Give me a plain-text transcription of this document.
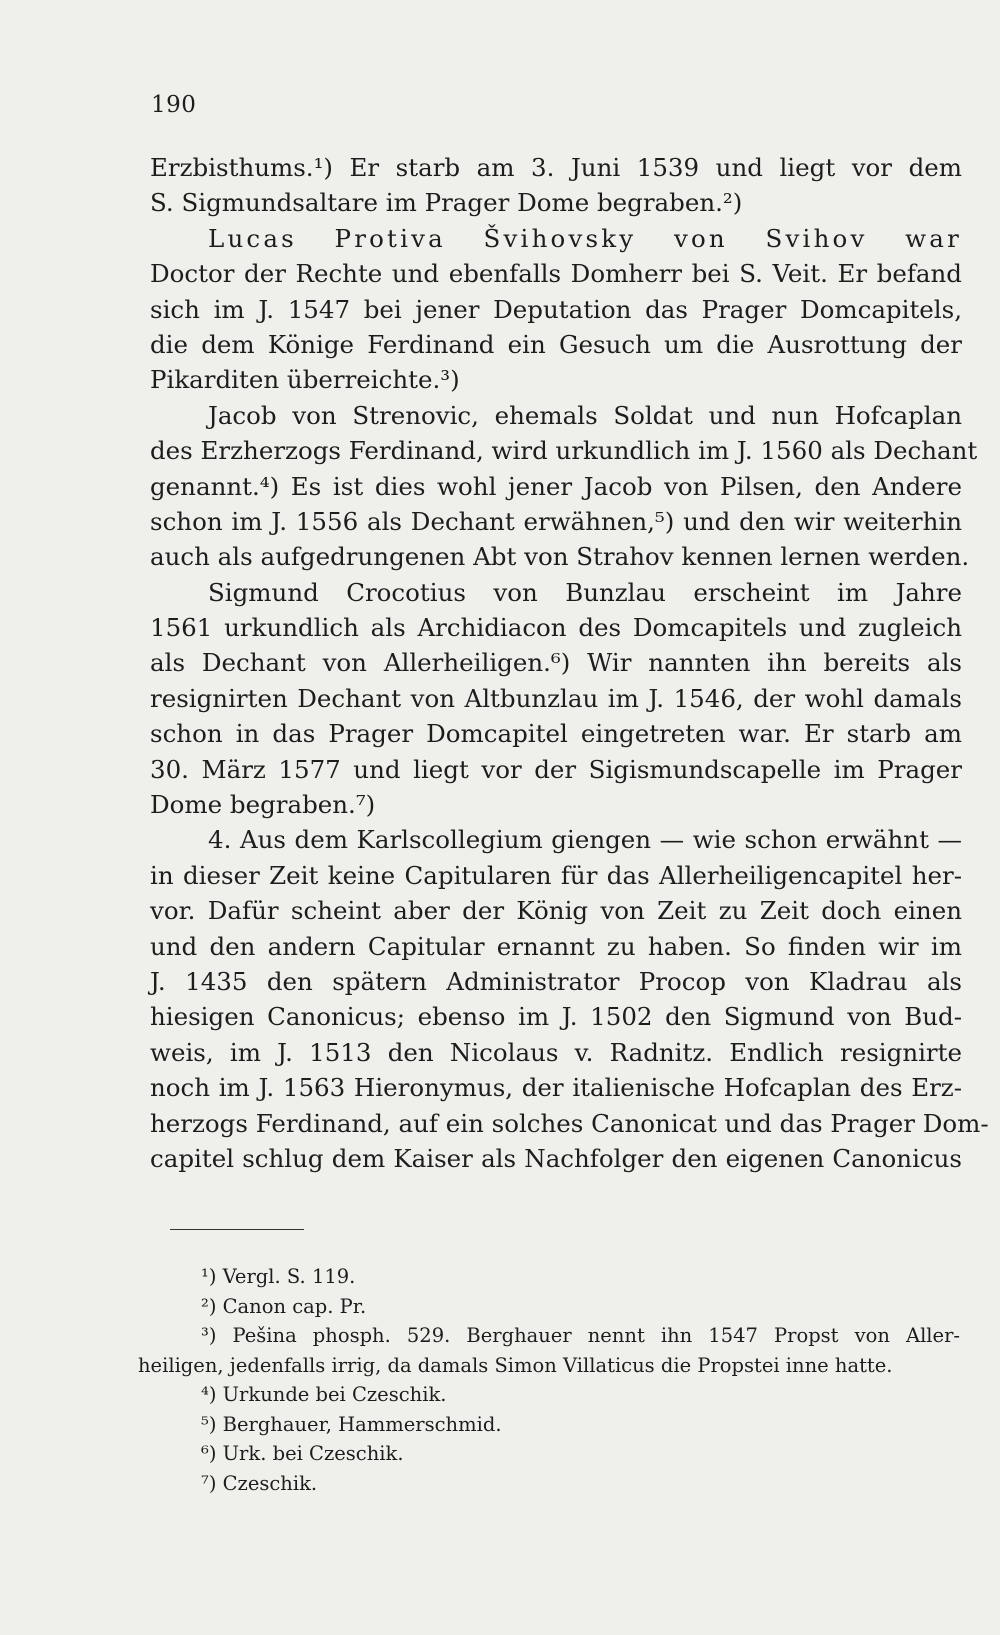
190
Erzbisthums.¹) Er starb am 3. Juni 1539 und liegt vor dem
S. Sigmundsaltare im Prager Dome begraben.²)
Lucas Protiva Švihovsky von Svihov war
Doctor der Rechte und ebenfalls Domherr bei S. Veit. Er befand
sich im J. 1547 bei jener Deputation das Prager Domcapitels,
die dem Könige Ferdinand ein Gesuch um die Ausrottung der
Pikarditen überreichte.³)
Jacob von Strenovic, ehemals Soldat und nun Hofcaplan
des Erzherzogs Ferdinand, wird urkundlich im J. 1560 als Dechant
genannt.⁴) Es ist dies wohl jener Jacob von Pilsen, den Andere
schon im J. 1556 als Dechant erwähnen,⁵) und den wir weiterhin
auch als aufgedrungenen Abt von Strahov kennen lernen werden.
Sigmund Crocotius von Bunzlau erscheint im Jahre
1561 urkundlich als Archidiacon des Domcapitels und zugleich
als Dechant von Allerheiligen.⁶) Wir nannten ihn bereits als
resignirten Dechant von Altbunzlau im J. 1546, der wohl damals
schon in das Prager Domcapitel eingetreten war. Er starb am
30. März 1577 und liegt vor der Sigismundscapelle im Prager
Dome begraben.⁷)
4. Aus dem Karlscollegium giengen — wie schon erwähnt —
in dieser Zeit keine Capitularen für das Allerheiligencapitel her-
vor. Dafür scheint aber der König von Zeit zu Zeit doch einen
und den andern Capitular ernannt zu haben. So finden wir im
J. 1435 den spätern Administrator Procop von Kladrau als
hiesigen Canonicus; ebenso im J. 1502 den Sigmund von Bud-
weis, im J. 1513 den Nicolaus v. Radnitz. Endlich resignirte
noch im J. 1563 Hieronymus, der italienische Hofcaplan des Erz-
herzogs Ferdinand, auf ein solches Canonicat und das Prager Dom-
capitel schlug dem Kaiser als Nachfolger den eigenen Canonicus
¹) Vergl. S. 119.
²) Canon cap. Pr.
³) Pešina phosph. 529. Berghauer nennt ihn 1547 Propst von Aller-
heiligen, jedenfalls irrig, da damals Simon Villaticus die Propstei inne hatte.
⁴) Urkunde bei Czeschik.
⁵) Berghauer, Hammerschmid.
⁶) Urk. bei Czeschik.
⁷) Czeschik.
